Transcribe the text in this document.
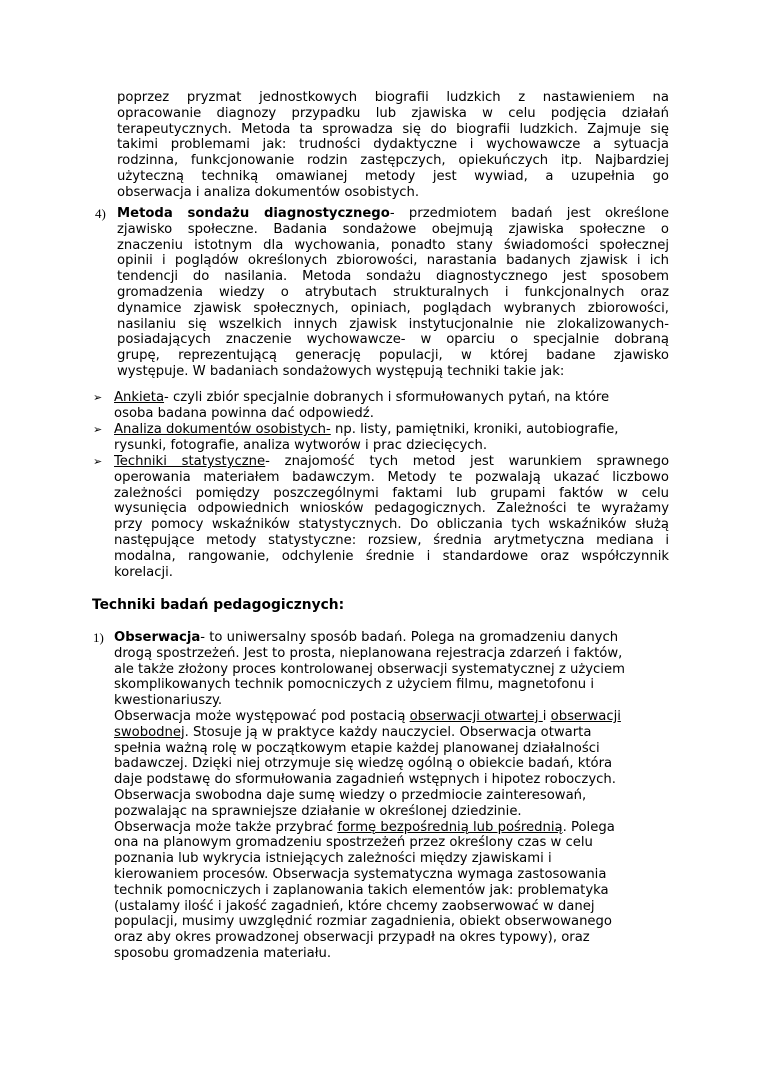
poprzez pryzmat jednostkowych biografii ludzkich z nastawieniem na
opracowanie diagnozy przypadku lub zjawiska w celu podjęcia działań
terapeutycznych. Metoda ta sprowadza się do biografii ludzkich. Zajmuje się
takimi problemami jak: trudności dydaktyczne i wychowawcze a sytuacja
rodzinna, funkcjonowanie rodzin zastępczych, opiekuńczych itp. Najbardziej
użyteczną techniką omawianej metody jest wywiad, a uzupełnia go
obserwacja i analiza dokumentów osobistych.
4) Metoda sondażu diagnostycznego- przedmiotem badań jest określone
zjawisko społeczne. Badania sondażowe obejmują zjawiska społeczne o
znaczeniu istotnym dla wychowania, ponadto stany świadomości społecznej
opinii i poglądów określonych zbiorowości, narastania badanych zjawisk i ich
tendencji do nasilania. Metoda sondażu diagnostycznego jest sposobem
gromadzenia wiedzy o atrybutach strukturalnych i funkcjonalnych oraz
dynamice zjawisk społecznych, opiniach, poglądach wybranych zbiorowości,
nasilaniu się wszelkich innych zjawisk instytucjonalnie nie zlokalizowanych-
posiadających znaczenie wychowawcze- w oparciu o specjalnie dobraną
grupę, reprezentującą generację populacji, w której badane zjawisko
występuje. W badaniach sondażowych występują techniki takie jak:
➢ Ankieta- czyli zbiór specjalnie dobranych i sformułowanych pytań, na które
osoba badana powinna dać odpowiedź.
➢ Analiza dokumentów osobistych- np. listy, pamiętniki, kroniki, autobiografie,
rysunki, fotografie, analiza wytworów i prac dziecięcych.
➢ Techniki statystyczne- znajomość tych metod jest warunkiem sprawnego
operowania materiałem badawczym. Metody te pozwalają ukazać liczbowo
zależności pomiędzy poszczególnymi faktami lub grupami faktów w celu
wysunięcia odpowiednich wniosków pedagogicznych. Zależności te wyrażamy
przy pomocy wskaźników statystycznych. Do obliczania tych wskaźników służą
następujące metody statystyczne: rozsiew, średnia arytmetyczna mediana i
modalna, rangowanie, odchylenie średnie i standardowe oraz współczynnik
korelacji.
Techniki badań pedagogicznych:
1) Obserwacja- to uniwersalny sposób badań. Polega na gromadzeniu danych
drogą spostrzeżeń. Jest to prosta, nieplanowana rejestracja zdarzeń i faktów,
ale także złożony proces kontrolowanej obserwacji systematycznej z użyciem
skomplikowanych technik pomocniczych z użyciem filmu, magnetofonu i
kwestionariuszy.
Obserwacja może występować pod postacią obserwacji otwartej i obserwacji
swobodnej. Stosuje ją w praktyce każdy nauczyciel. Obserwacja otwarta
spełnia ważną rolę w początkowym etapie każdej planowanej działalności
badawczej. Dzięki niej otrzymuje się wiedzę ogólną o obiekcie badań, która
daje podstawę do sformułowania zagadnień wstępnych i hipotez roboczych.
Obserwacja swobodna daje sumę wiedzy o przedmiocie zainteresowań,
pozwalając na sprawniejsze działanie w określonej dziedzinie.
Obserwacja może także przybrać formę bezpośrednią lub pośrednią. Polega
ona na planowym gromadzeniu spostrzeżeń przez określony czas w celu
poznania lub wykrycia istniejących zależności między zjawiskami i
kierowaniem procesów. Obserwacja systematyczna wymaga zastosowania
technik pomocniczych i zaplanowania takich elementów jak: problematyka
(ustalamy ilość i jakość zagadnień, które chcemy zaobserwować w danej
populacji, musimy uwzględnić rozmiar zagadnienia, obiekt obserwowanego
oraz aby okres prowadzonej obserwacji przypadł na okres typowy), oraz
sposobu gromadzenia materiału.
